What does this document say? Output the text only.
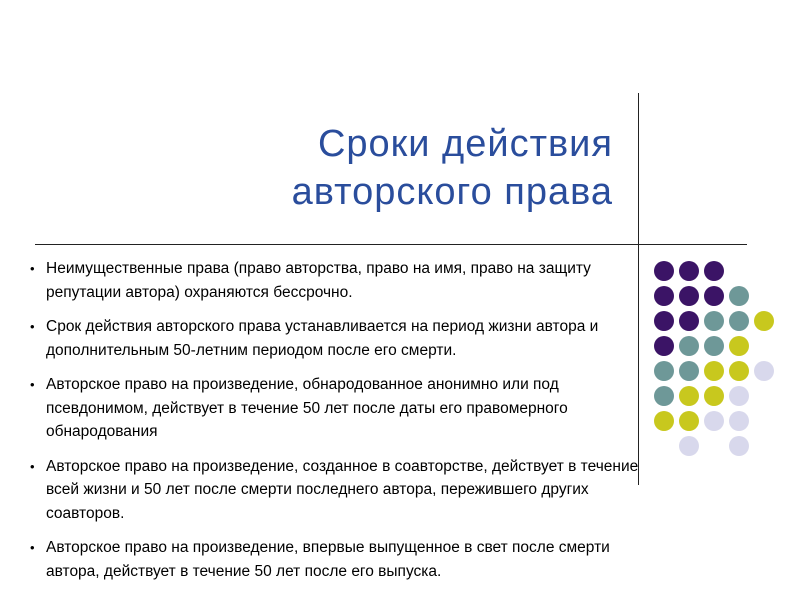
Сроки действия
авторского права
• Неимущественные права (право авторства, право на имя, право на защиту репутации автора) охраняются бессрочно.
• Срок действия авторского права устанавливается на период жизни автора и дополнительным 50-летним периодом после его смерти.
• Авторское право на произведение, обнародованное анонимно или под псевдонимом, действует в течение 50 лет после даты его правомерного обнародования
• Авторское право на произведение, созданное в соавторстве, действует в течение всей жизни и 50 лет после смерти последнего автора, пережившего других соавторов.
• Авторское право на произведение, впервые выпущенное в свет после смерти автора, действует в течение 50 лет после его выпуска.
